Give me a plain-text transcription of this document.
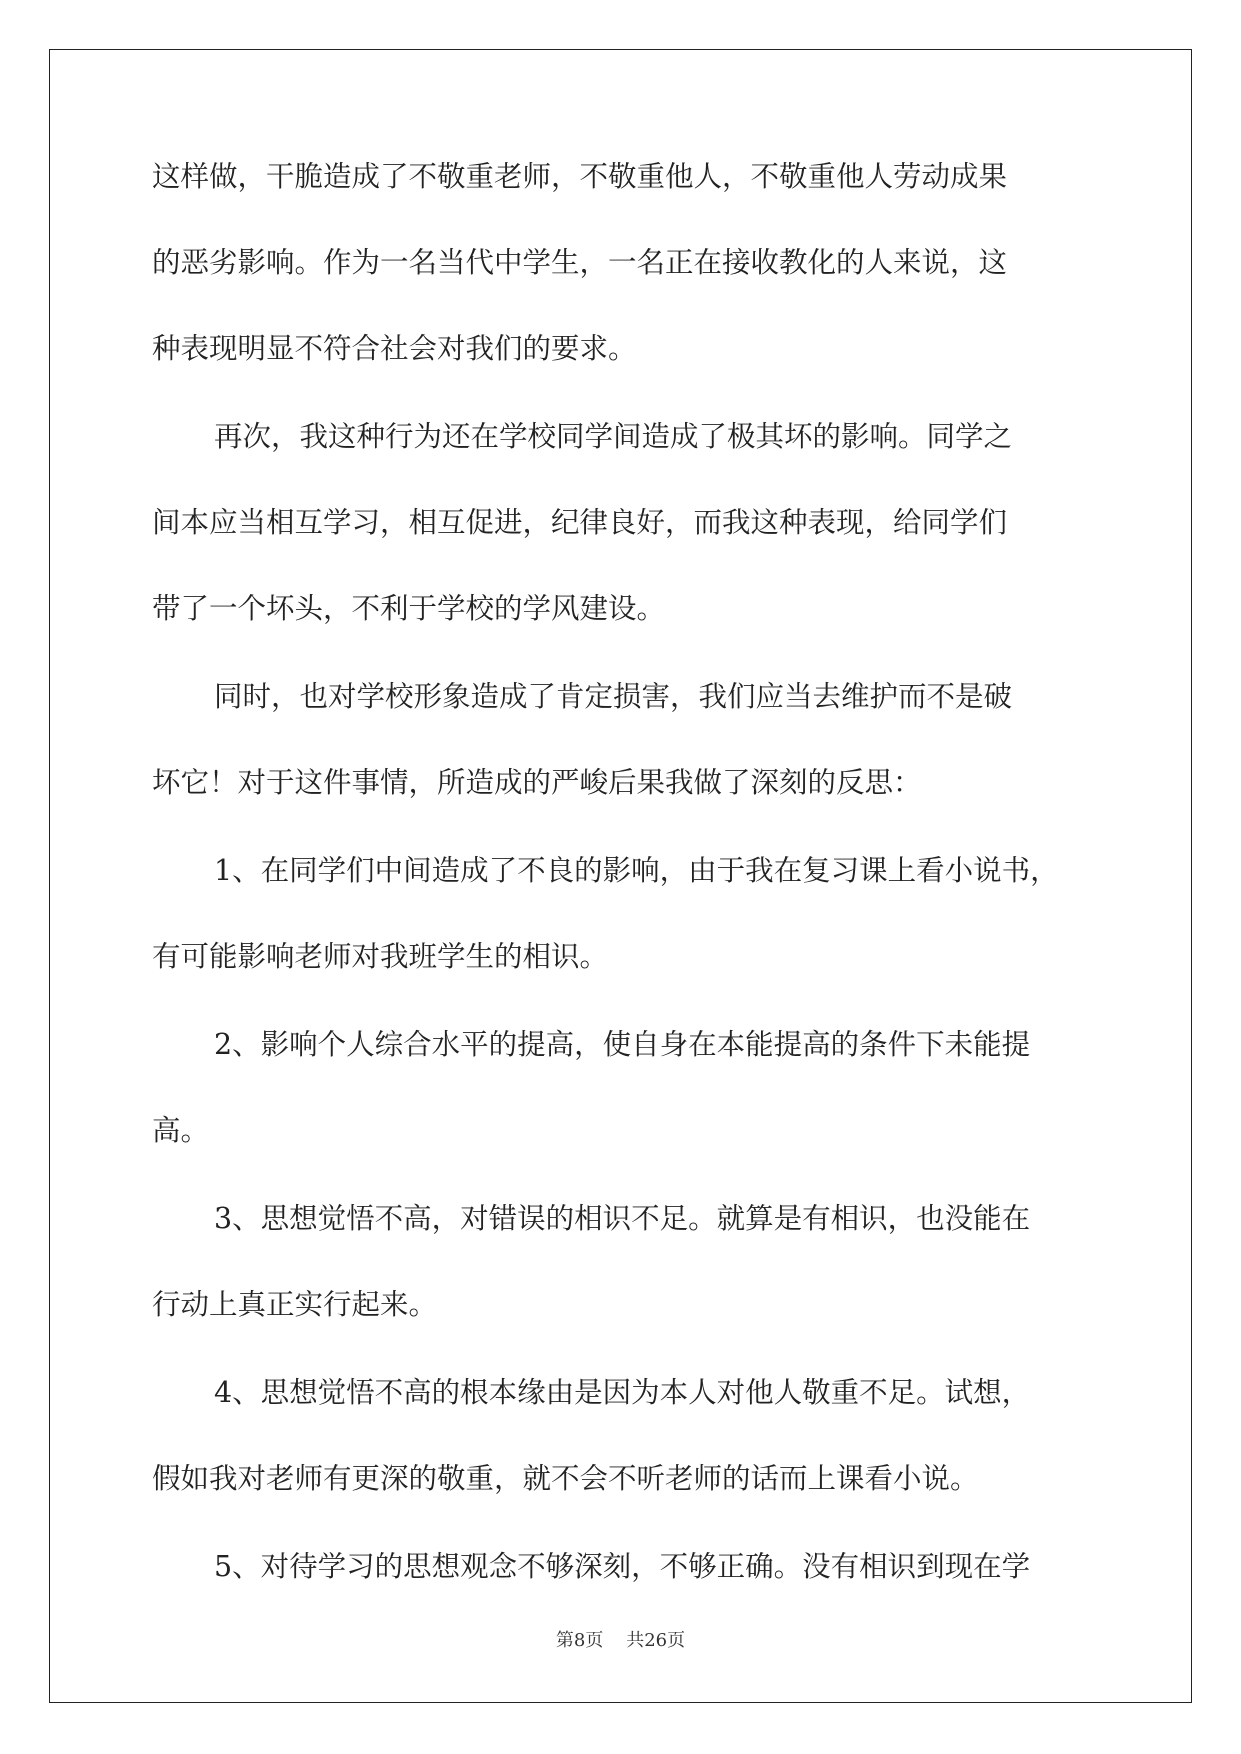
这样做，干脆造成了不敬重老师，不敬重他人，不敬重他人劳动成果
的恶劣影响。作为一名当代中学生，一名正在接收教化的人来说，这
种表现明显不符合社会对我们的要求。
再次，我这种行为还在学校同学间造成了极其坏的影响。同学之
间本应当相互学习，相互促进，纪律良好，而我这种表现，给同学们
带了一个坏头，不利于学校的学风建设。
同时，也对学校形象造成了肯定损害，我们应当去维护而不是破
坏它！对于这件事情，所造成的严峻后果我做了深刻的反思：
1、在同学们中间造成了不良的影响，由于我在复习课上看小说书，
有可能影响老师对我班学生的相识。
2、影响个人综合水平的提高，使自身在本能提高的条件下未能提
高。
3、思想觉悟不高，对错误的相识不足。就算是有相识，也没能在
行动上真正实行起来。
4、思想觉悟不高的根本缘由是因为本人对他人敬重不足。试想，
假如我对老师有更深的敬重，就不会不听老师的话而上课看小说。
5、对待学习的思想观念不够深刻，不够正确。没有相识到现在学
第8页 共26页
